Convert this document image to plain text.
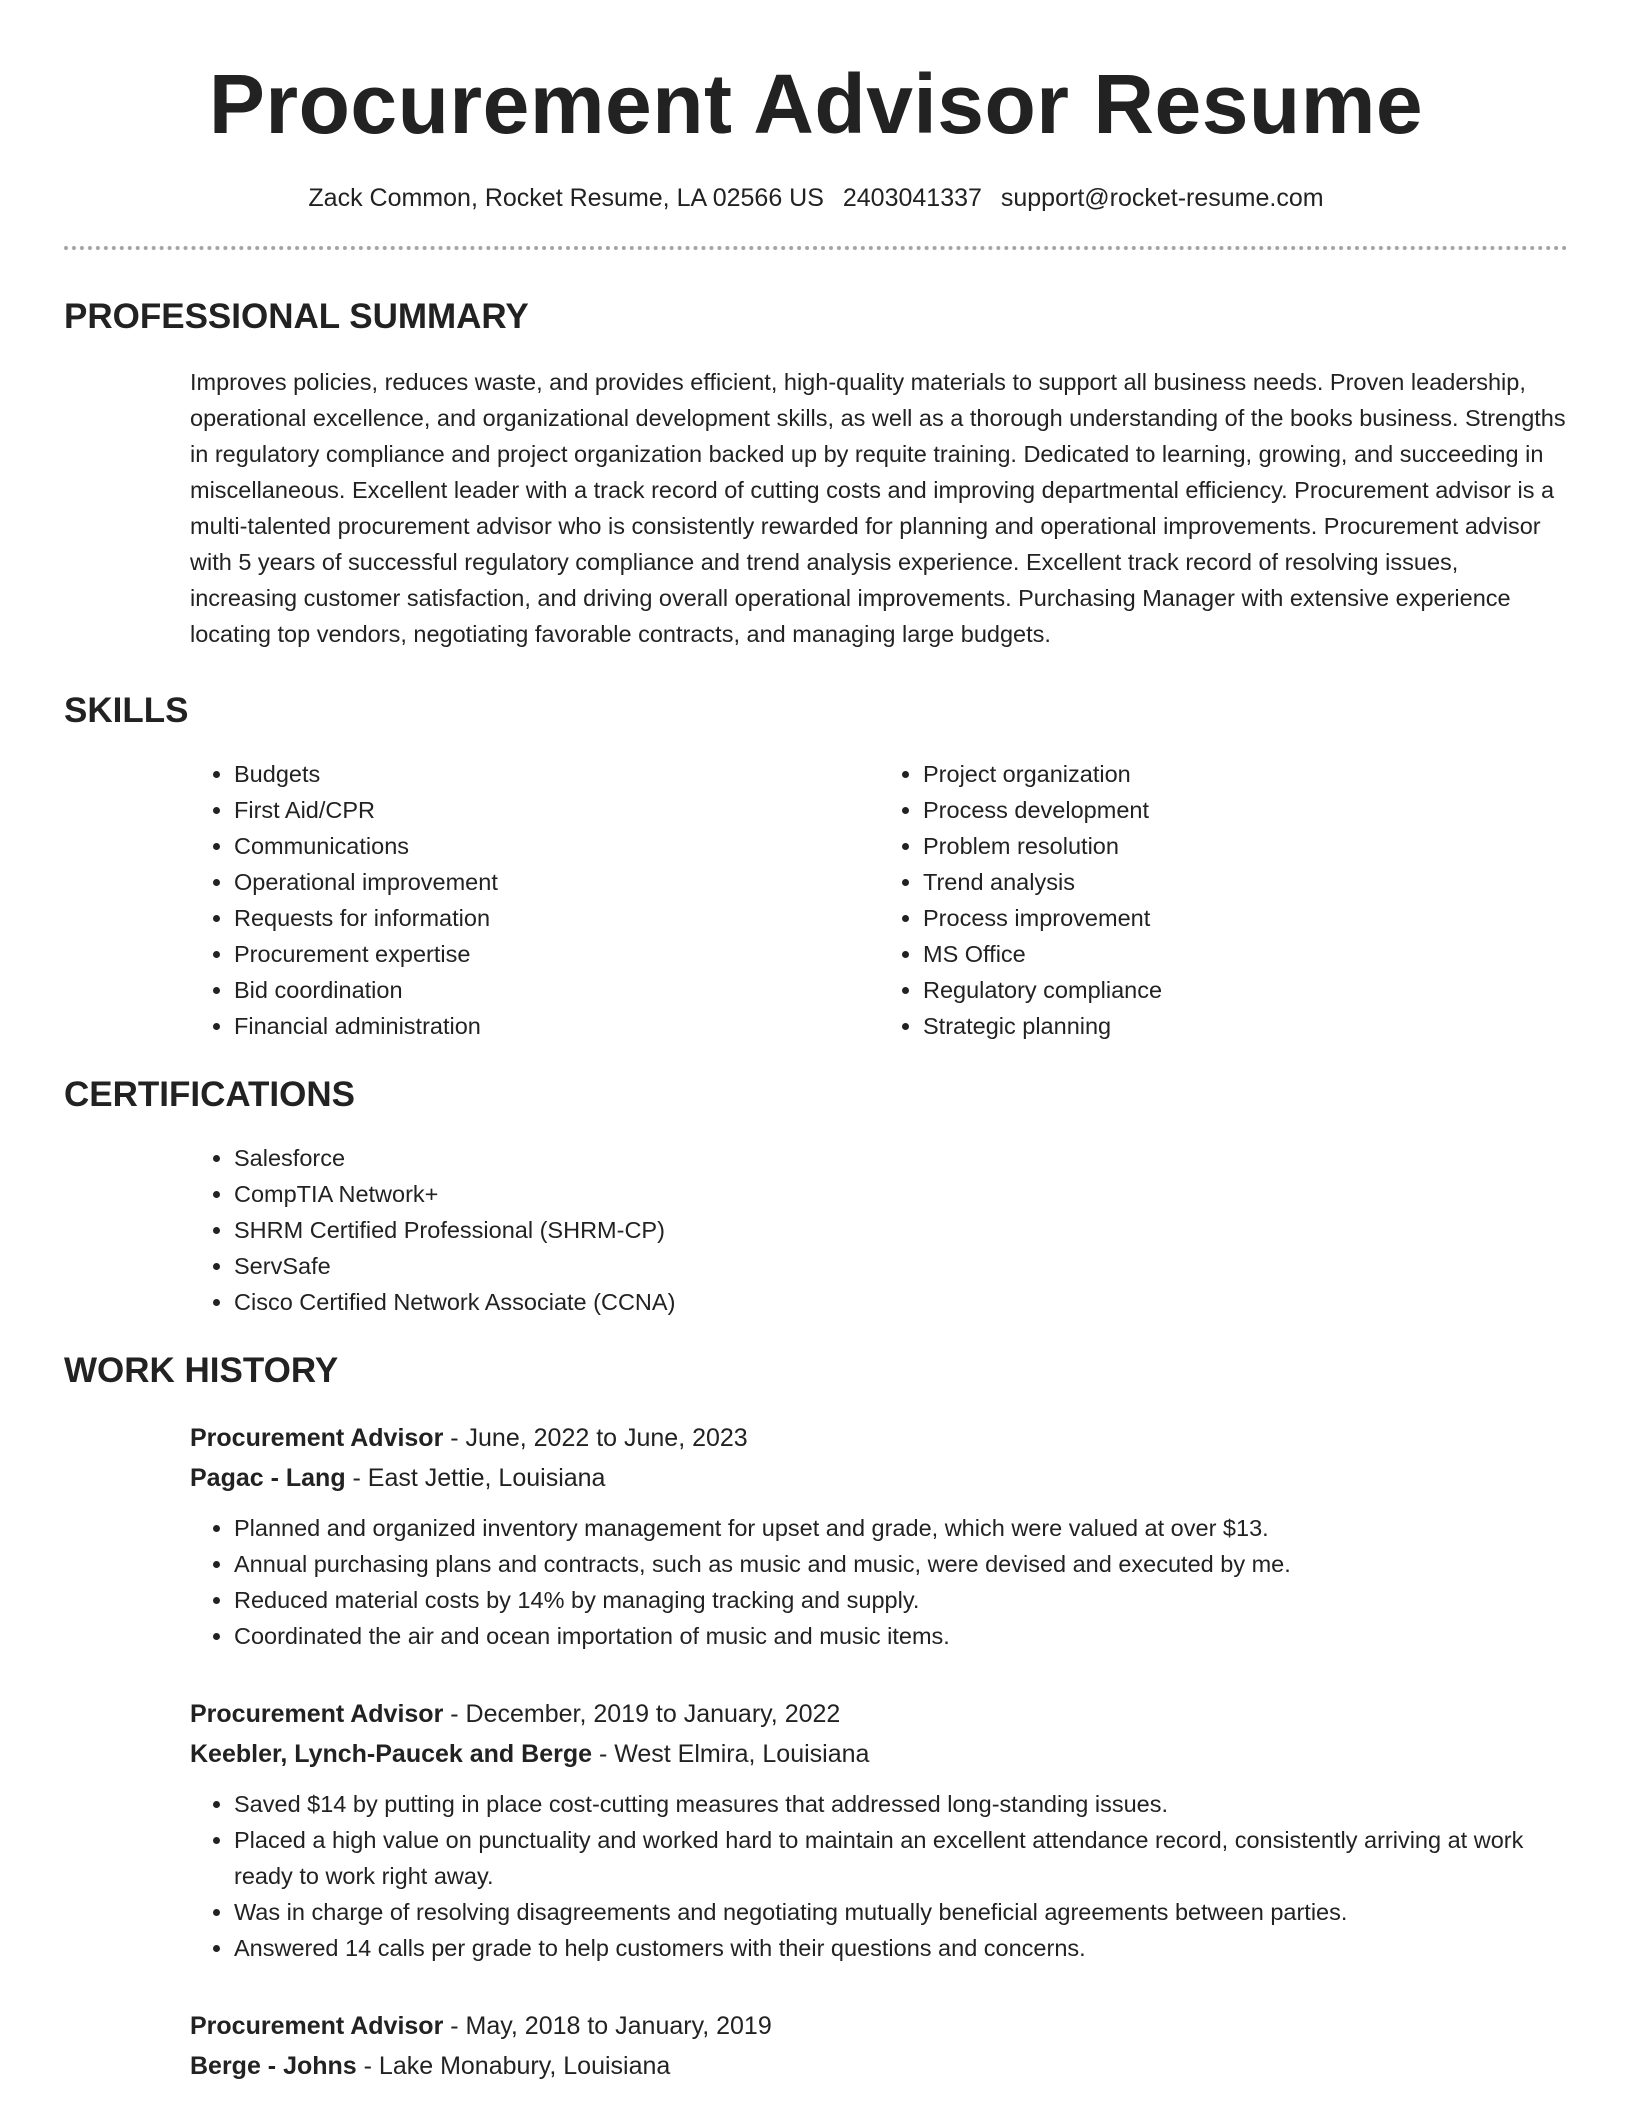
Procurement Advisor Resume
Zack Common, Rocket Resume, LA 02566 US 2403041337 support@rocket-resume.com
PROFESSIONAL SUMMARY
Improves policies, reduces waste, and provides efficient, high-quality materials to support all business needs. Proven leadership, operational excellence, and organizational development skills, as well as a thorough understanding of the books business. Strengths in regulatory compliance and project organization backed up by requite training. Dedicated to learning, growing, and succeeding in miscellaneous. Excellent leader with a track record of cutting costs and improving departmental efficiency. Procurement advisor is a multi-talented procurement advisor who is consistently rewarded for planning and operational improvements. Procurement advisor with 5 years of successful regulatory compliance and trend analysis experience. Excellent track record of resolving issues, increasing customer satisfaction, and driving overall operational improvements. Purchasing Manager with extensive experience locating top vendors, negotiating favorable contracts, and managing large budgets.
SKILLS
• Budgets
• First Aid/CPR
• Communications
• Operational improvement
• Requests for information
• Procurement expertise
• Bid coordination
• Financial administration
• Project organization
• Process development
• Problem resolution
• Trend analysis
• Process improvement
• MS Office
• Regulatory compliance
• Strategic planning
CERTIFICATIONS
• Salesforce
• CompTIA Network+
• SHRM Certified Professional (SHRM-CP)
• ServSafe
• Cisco Certified Network Associate (CCNA)
WORK HISTORY
Procurement Advisor - June, 2022 to June, 2023
Pagac - Lang - East Jettie, Louisiana
• Planned and organized inventory management for upset and grade, which were valued at over $13.
• Annual purchasing plans and contracts, such as music and music, were devised and executed by me.
• Reduced material costs by 14% by managing tracking and supply.
• Coordinated the air and ocean importation of music and music items.
Procurement Advisor - December, 2019 to January, 2022
Keebler, Lynch-Paucek and Berge - West Elmira, Louisiana
• Saved $14 by putting in place cost-cutting measures that addressed long-standing issues.
• Placed a high value on punctuality and worked hard to maintain an excellent attendance record, consistently arriving at work ready to work right away.
• Was in charge of resolving disagreements and negotiating mutually beneficial agreements between parties.
• Answered 14 calls per grade to help customers with their questions and concerns.
Procurement Advisor - May, 2018 to January, 2019
Berge - Johns - Lake Monabury, Louisiana
